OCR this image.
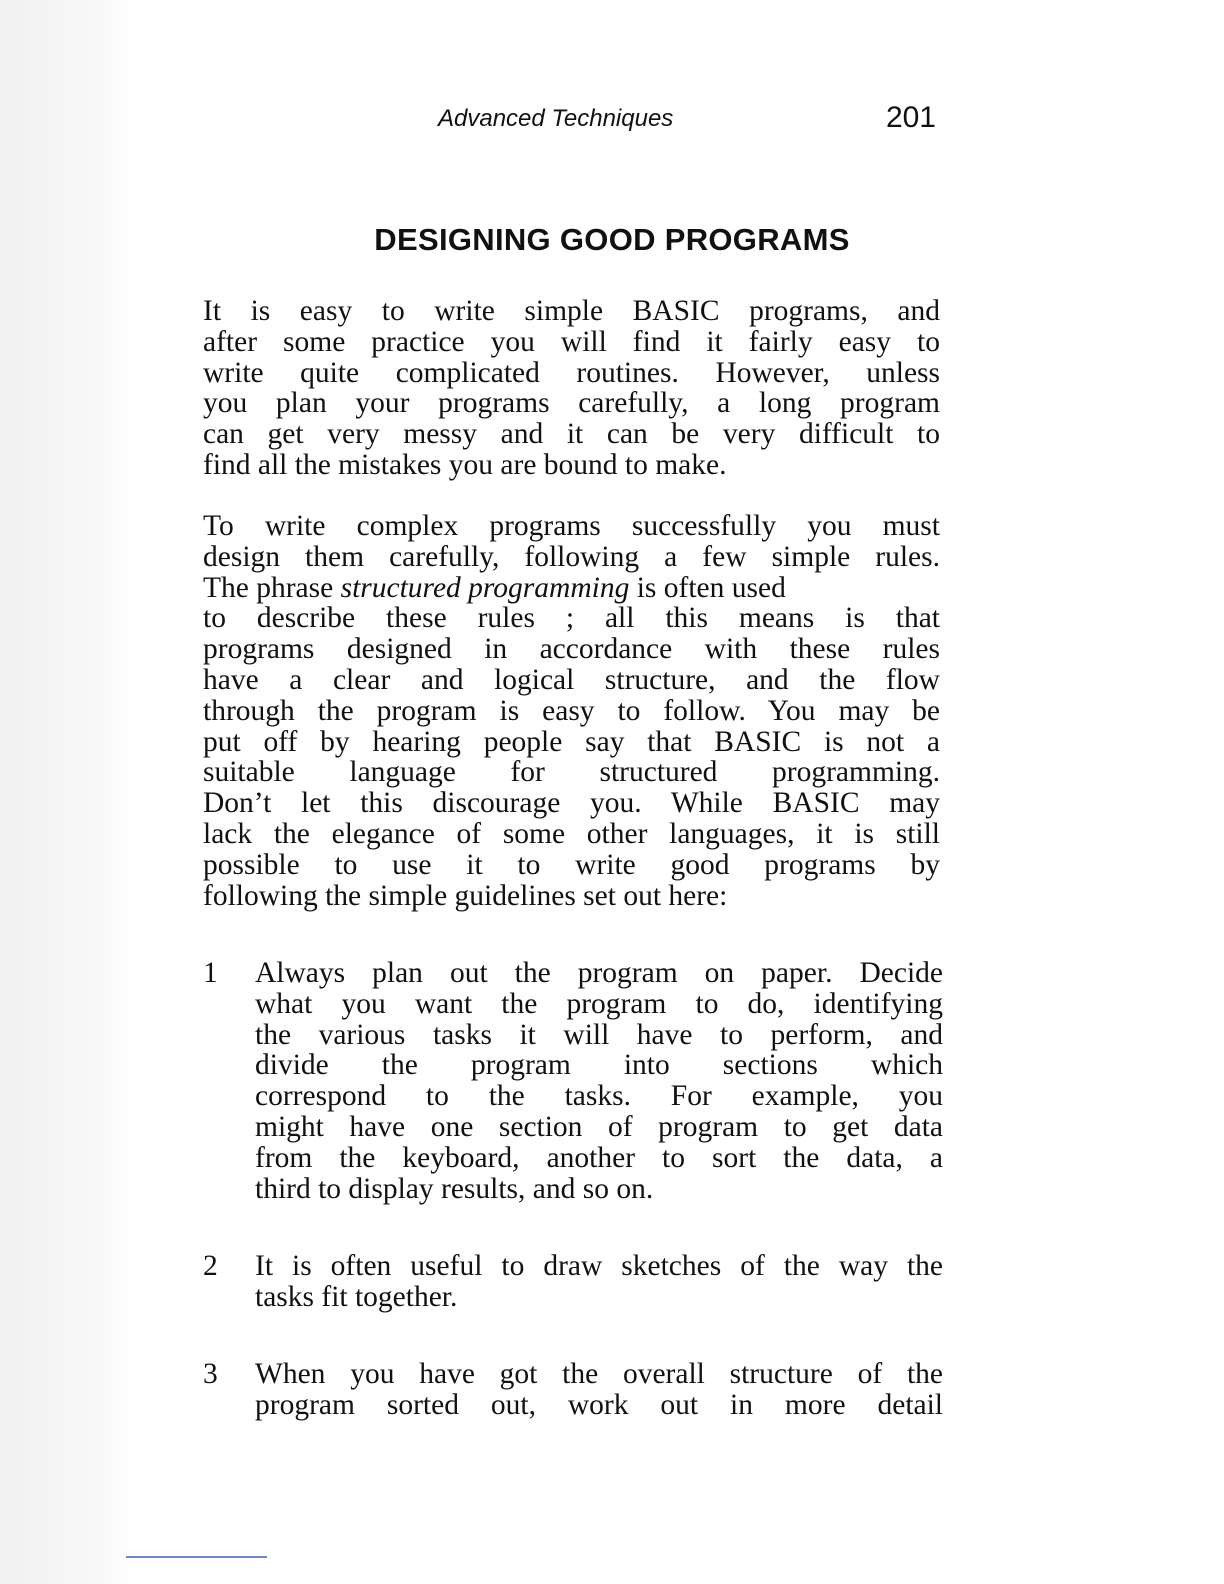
Advanced Techniques	201
DESIGNING GOOD PROGRAMS
It is easy to write simple BASIC programs, and
after some practice you will find it fairly easy to
write quite complicated routines. However, unless
you plan your programs carefully, a long program
can get very messy and it can be very difficult to
find all the mistakes you are bound to make.
To write complex programs successfully you must
design them carefully, following a few simple rules.
The phrase structured programming is often used
to describe these rules ; all this means is that
programs designed in accordance with these rules
have a clear and logical structure, and the flow
through the program is easy to follow. You may be
put off by hearing people say that BASIC is not a
suitable language for structured programming.
Don’t let this discourage you. While BASIC may
lack the elegance of some other languages, it is still
possible to use it to write good programs by
following the simple guidelines set out here:
1	Always plan out the program on paper. Decide
what you want the program to do, identifying
the various tasks it will have to perform, and
divide the program into sections which
correspond to the tasks. For example, you
might have one section of program to get data
from the keyboard, another to sort the data, a
third to display results, and so on.
2	It is often useful to draw sketches of the way the
tasks fit together.
3	When you have got the overall structure of the
program sorted out, work out in more detail
